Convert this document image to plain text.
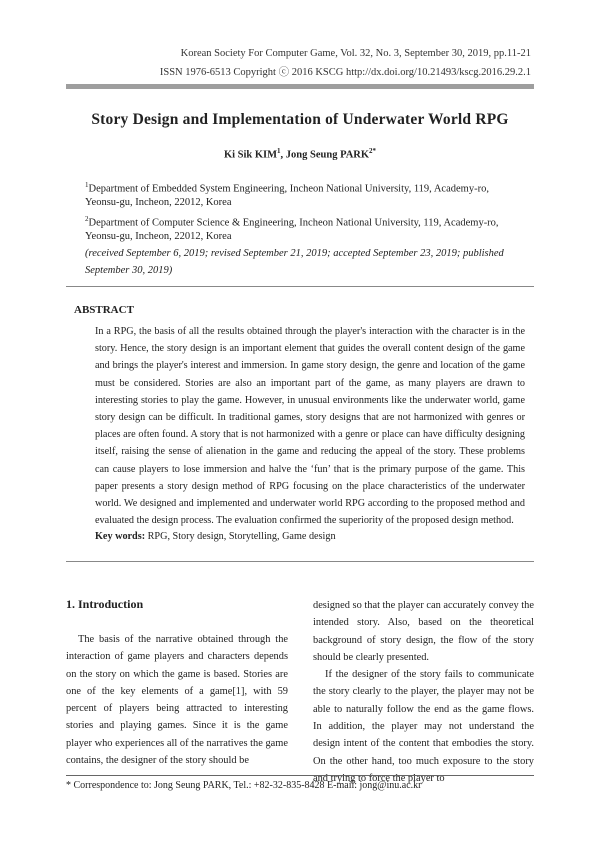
Korean Society For Computer Game, Vol. 32, No. 3, September 30, 2019, pp.11-21
ISSN 1976-6513 Copyright ⓒ 2016 KSCG http://dx.doi.org/10.21493/kscg.2016.29.2.1
Story Design and Implementation of Underwater World RPG
Ki Sik KIM$^1$, Jong Seung $PARK^{2*}$
$^1$Department of Embedded System Engineering, Incheon National University, 119, Academy-ro,
Yeonsu-gu, Incheon, 22012, Korea
$^2$Department of Computer Science & Engineering, Incheon National University, 119, Academy-ro,
Yeonsu-gu, Incheon, 22012, Korea
(received September 6, 2019; revised September 21, 2019; accepted September 23, 2019; published
September 30, 2019)
ABSTRACT
In a RPG, the basis of all the results obtained through the player's interaction with the character is in the story. Hence, the story design is an important element that guides the overall content design of the game and brings the player's interest and immersion. In game story design, the genre and location of the game must be considered. Stories are also an important part of the game, as many players are drawn to interesting stories to play the game. However, in unusual environments like the underwater world, game story design can be difficult. In traditional games, story designs that are not harmonized with genres or places are often found. A story that is not harmonized with a genre or place can have difficulty designing itself, raising the sense of alienation in the game and reducing the appeal of the story. These problems can cause players to lose immersion and halve the ‘fun’ that is the primary purpose of the game. This paper presents a story design method of RPG focusing on the place characteristics of the underwater world. We designed and implemented and underwater world RPG according to the proposed method and evaluated the design process. The evaluation confirmed the superiority of the proposed design method.
Key words: RPG, Story design, Storytelling, Game design
1. Introduction

The basis of the narrative obtained through the interaction of game players and characters depends on the story on which the game is based. Stories are one of the key elements of a game[1], with 59 percent of players being attracted to interesting stories and playing games. Since it is the game player who experiences all of the narratives the game contains, the designer of the story should be

designed so that the player can accurately convey the intended story. Also, based on the theoretical background of story design, the flow of the story should be clearly presented.

If the designer of the story fails to communicate the story clearly to the player, the player may not be able to naturally follow the end as the game flows. In addition, the player may not understand the design intent of the content that embodies the story. On the other hand, too much exposure to the story and trying to force the player to

* Correspondence to: Jong Seung PARK, Tel.: +82-32-835-8428 E-mail: jong@inu.ac.kr
